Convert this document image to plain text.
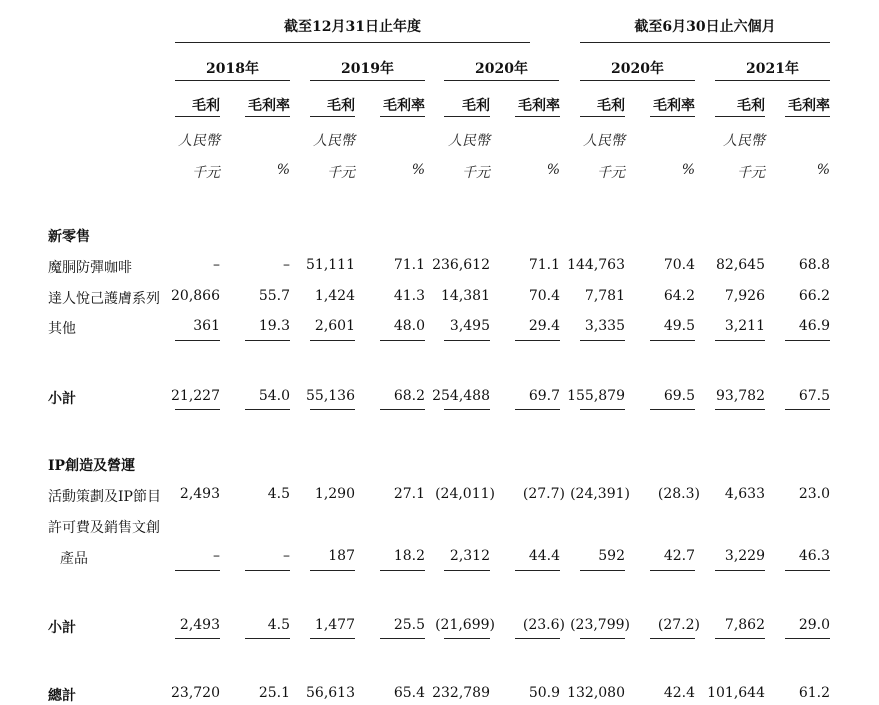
截至12月31日止年度	截至6月30日止六個月
2018年	2019年	2020年	2020年	2021年
毛利	毛利率	毛利	毛利率	毛利	毛利率	毛利	毛利率	毛利	毛利率
人民幣	人民幣	人民幣	人民幣	人民幣
千元	%	千元	%	千元	%	千元	%	千元	%
新零售
魔胴防彈咖啡	–	–	51,111	71.1 236,612	71.1 144,763	70.4	82,645	68.8
達人悅己護膚系列 20,866	55.7	1,424	41.3	14,381	70.4	7,781	64.2	7,926	66.2
其他	361	19.3	2,601	48.0	3,495	29.4	3,335	49.5	3,211	46.9
小計	21,227	54.0	55,136	68.2 254,488	69.7 155,879	69.5	93,782	67.5
IP創造及營運
活動策劃及IP節目	2,493	4.5	1,290	27.1 (24,011)	(27.7) (24,391)	(28.3)	4,633	23.0
許可費及銷售文創
產品	–	–	187	18.2	2,312	44.4	592	42.7	3,229	46.3
小計	2,493	4.5	1,477	25.5 (21,699)	(23.6) (23,799)	(27.2)	7,862	29.0
總計	23,720	25.1	56,613	65.4 232,789	50.9 132,080	42.4 101,644	61.2
